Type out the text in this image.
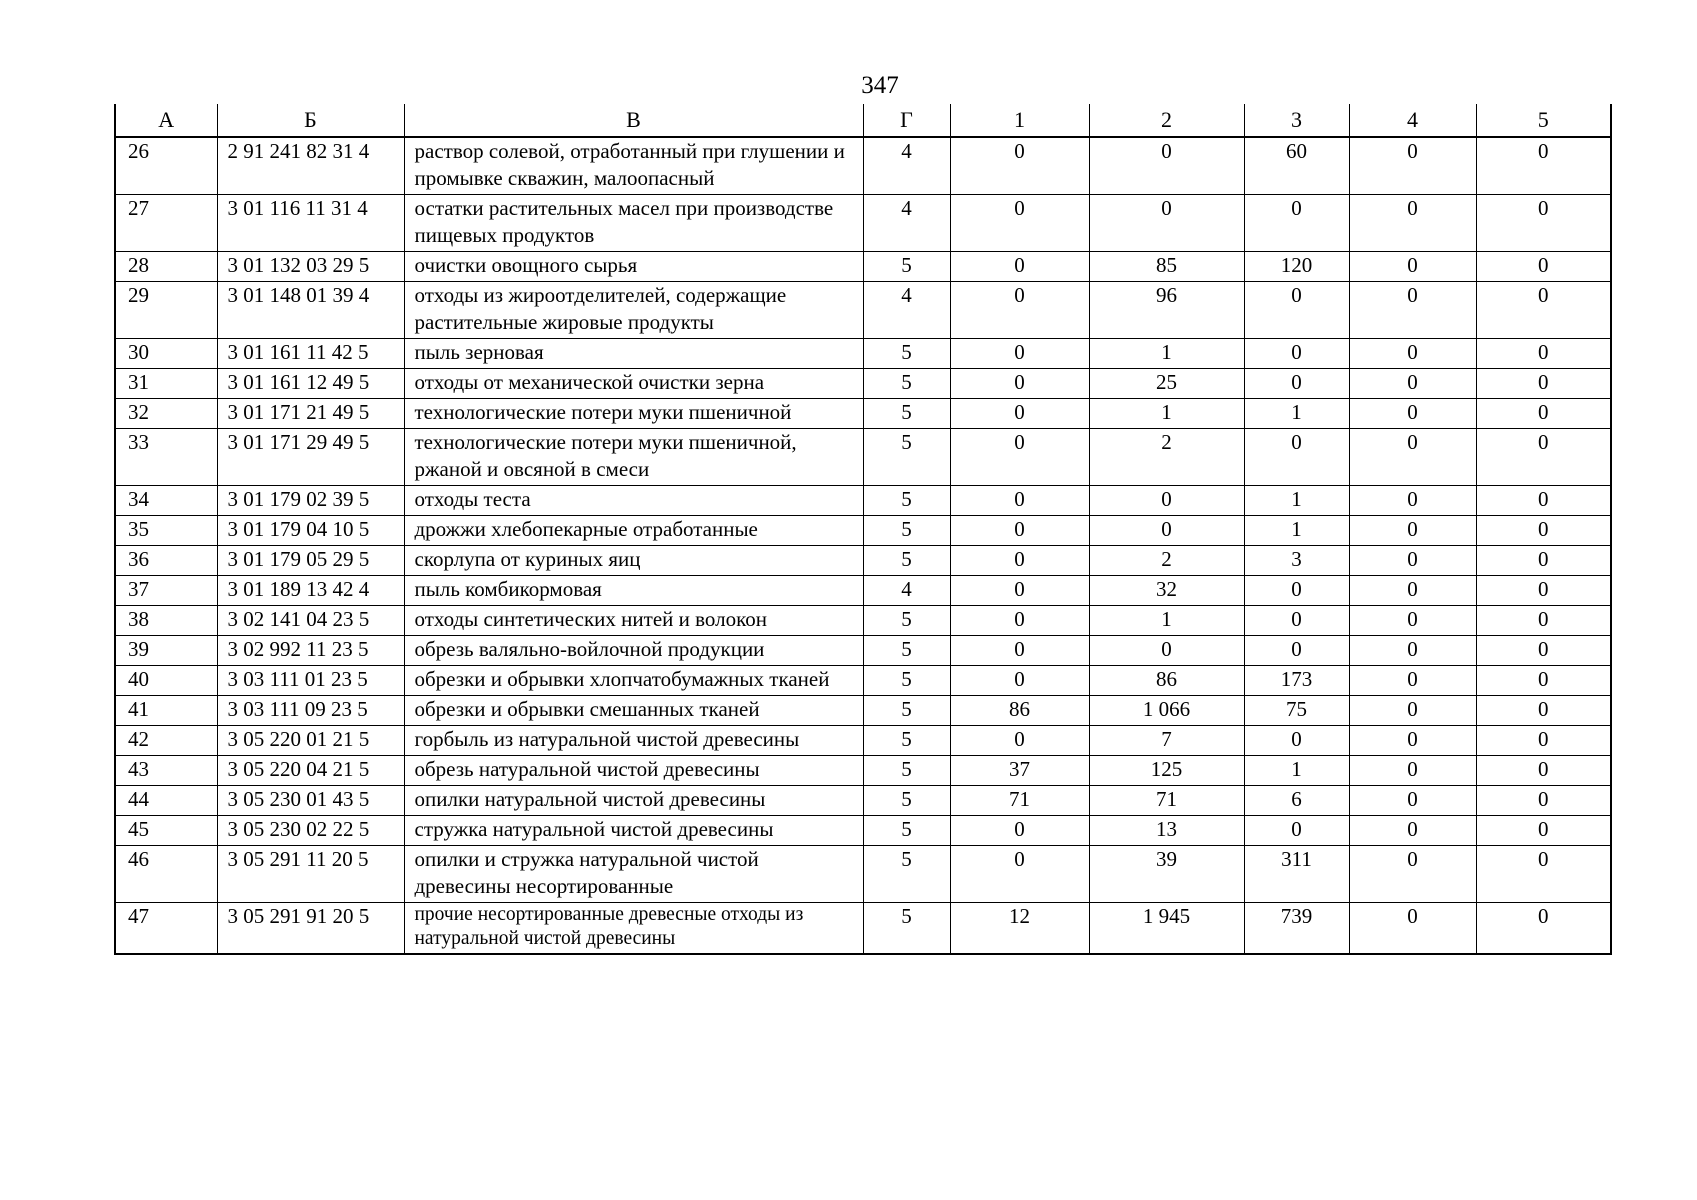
347
А	Б	В	Г	1	2	3	4	5
26	2 91 241 82 31 4	раствор солевой, отработанный при глушении и промывке скважин, малоопасный	4	0	0	60	0	0
27	3 01 116 11 31 4	остатки растительных масел при производстве пищевых продуктов	4	0	0	0	0	0
28	3 01 132 03 29 5	очистки овощного сырья	5	0	85	120	0	0
29	3 01 148 01 39 4	отходы из жироотделителей, содержащие растительные жировые продукты	4	0	96	0	0	0
30	3 01 161 11 42 5	пыль зерновая	5	0	1	0	0	0
31	3 01 161 12 49 5	отходы от механической очистки зерна	5	0	25	0	0	0
32	3 01 171 21 49 5	технологические потери муки пшеничной	5	0	1	1	0	0
33	3 01 171 29 49 5	технологические потери муки пшеничной, ржаной и овсяной в смеси	5	0	2	0	0	0
34	3 01 179 02 39 5	отходы теста	5	0	0	1	0	0
35	3 01 179 04 10 5	дрожжи хлебопекарные отработанные	5	0	0	1	0	0
36	3 01 179 05 29 5	скорлупа от куриных яиц	5	0	2	3	0	0
37	3 01 189 13 42 4	пыль комбикормовая	4	0	32	0	0	0
38	3 02 141 04 23 5	отходы синтетических нитей и волокон	5	0	1	0	0	0
39	3 02 992 11 23 5	обрезь валяльно-войлочной продукции	5	0	0	0	0	0
40	3 03 111 01 23 5	обрезки и обрывки хлопчатобумажных тканей	5	0	86	173	0	0
41	3 03 111 09 23 5	обрезки и обрывки смешанных тканей	5	86	1 066	75	0	0
42	3 05 220 01 21 5	горбыль из натуральной чистой древесины	5	0	7	0	0	0
43	3 05 220 04 21 5	обрезь натуральной чистой древесины	5	37	125	1	0	0
44	3 05 230 01 43 5	опилки натуральной чистой древесины	5	71	71	6	0	0
45	3 05 230 02 22 5	стружка натуральной чистой древесины	5	0	13	0	0	0
46	3 05 291 11 20 5	опилки и стружка натуральной чистой древесины несортированные	5	0	39	311	0	0
47	3 05 291 91 20 5	прочие несортированные древесные отходы из натуральной чистой древесины	5	12	1 945	739	0	0
